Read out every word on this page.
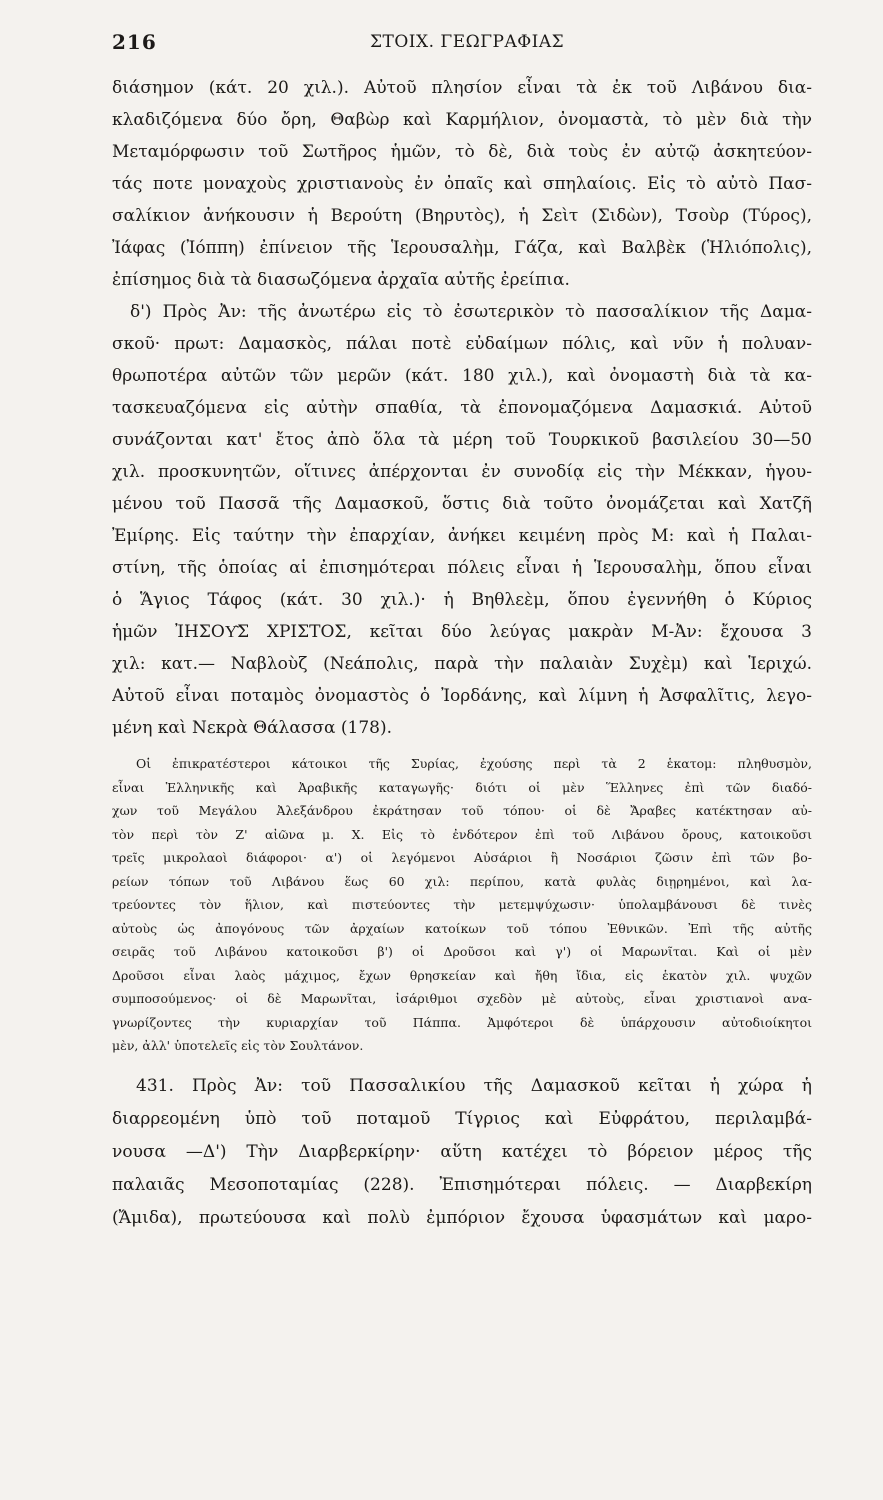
216	ΣΤΟΙΧ. ΓΕΩΓΡΑΦΙΑΣ
διάσημον (κάτ. 20 χιλ.). Αὐτοῦ πλησίον εἶναι τὰ ἐκ τοῦ Λιβάνου δια-
κλαδιζόμενα δύο ὄρη, Θαβὼρ καὶ Καρμήλιον, ὀνομαστὰ, τὸ μὲν διὰ τὴν
Μεταμόρφωσιν τοῦ Σωτῆρος ἡμῶν, τὸ δὲ, διὰ τοὺς ἐν αὐτῷ ἀσκητεύον-
τάς ποτε μοναχοὺς χριστιανοὺς ἐν ὀπαῖς καὶ σπηλαίοις. Εἰς τὸ αὐτὸ Πασ-
σαλίκιον ἀνήκουσιν ἡ Βερούτη (Βηρυτὸς), ἡ Σεὶτ (Σιδὼν), Τσοὺρ (Τύρος),
Ἰάφας (Ἰόππη) ἐπίνειον τῆς Ἱερουσαλὴμ, Γάζα, καὶ Βαλβὲκ (Ἡλιόπολις),
ἐπίσημος διὰ τὰ διασωζόμενα ἀρχαῖα αὐτῆς ἐρείπια.
δ') Πρὸς Ἀν: τῆς ἀνωτέρω εἰς τὸ ἐσωτερικὸν τὸ πασσαλίκιον τῆς Δαμα-
σκοῦ· πρωτ: Δαμασκὸς, πάλαι ποτὲ εὐδαίμων πόλις, καὶ νῦν ἡ πολυαν-
θρωποτέρα αὐτῶν τῶν μερῶν (κάτ. 180 χιλ.), καὶ ὀνομαστὴ διὰ τὰ κα-
τασκευαζόμενα εἰς αὐτὴν σπαθία, τὰ ἐπονομαζόμενα Δαμασκιά. Αὐτοῦ
συνάζονται κατ' ἔτος ἀπὸ ὅλα τὰ μέρη τοῦ Τουρκικοῦ βασιλείου 30—50
χιλ. προσκυνητῶν, οἵτινες ἀπέρχονται ἐν συνοδίᾳ εἰς τὴν Μέκκαν, ἡγου-
μένου τοῦ Πασσᾶ τῆς Δαμασκοῦ, ὅστις διὰ τοῦτο ὀνομάζεται καὶ Χατζῆ
Ἐμίρης. Εἰς ταύτην τὴν ἐπαρχίαν, ἀνήκει κειμένη πρὸς Μ: καὶ ἡ Παλαι-
στίνη, τῆς ὁποίας αἱ ἐπισημότεραι πόλεις εἶναι ἡ Ἱερουσαλὴμ, ὅπου εἶναι
ὁ Ἅγιος Τάφος (κάτ. 30 χιλ.)· ἡ Βηθλεὲμ, ὅπου ἐγεννήθη ὁ Κύριος
ἡμῶν ἸΗΣΟΥ͂Σ ΧΡΙΣΤΟΣ, κεῖται δύο λεύγας μακρὰν Μ-Ἀν: ἔχουσα 3
χιλ: κατ.— Ναβλοὺζ (Νεάπολις, παρὰ τὴν παλαιὰν Συχὲμ) καὶ Ἱεριχώ.
Αὐτοῦ εἶναι ποταμὸς ὀνομαστὸς ὁ Ἰορδάνης, καὶ λίμνη ἡ Ἀσφαλῖτις, λεγο-
μένη καὶ Νεκρὰ Θάλασσα (178).
Οἱ ἐπικρατέστεροι κάτοικοι τῆς Συρίας, ἐχούσης περὶ τὰ 2 ἑκατομ: πληθυσμὸν,
εἶναι Ἑλληνικῆς καὶ Ἀραβικῆς καταγωγῆς· διότι οἱ μὲν Ἕλληνες ἐπὶ τῶν διαδό-
χων τοῦ Μεγάλου Ἀλεξάνδρου ἐκράτησαν τοῦ τόπου· οἱ δὲ Ἄραβες κατέκτησαν αὐ-
τὸν περὶ τὸν Ζ' αἰῶνα μ. Χ. Εἰς τὸ ἐνδότερον ἐπὶ τοῦ Λιβάνου ὄρους, κατοικοῦσι
τρεῖς μικρολαοὶ διάφοροι· α') οἱ λεγόμενοι Αὐσάριοι ἢ Νοσάριοι ζῶσιν ἐπὶ τῶν βο-
ρείων τόπων τοῦ Λιβάνου ἕως 60 χιλ: περίπου, κατὰ φυλὰς διῃρημένοι, καὶ λα-
τρεύοντες τὸν ἥλιον, καὶ πιστεύοντες τὴν μετεμψύχωσιν· ὑπολαμβάνουσι δὲ τινὲς
αὐτοὺς ὡς ἀπογόνους τῶν ἀρχαίων κατοίκων τοῦ τόπου Ἐθνικῶν. Ἐπὶ τῆς αὐτῆς
σειρᾶς τοῦ Λιβάνου κατοικοῦσι β') οἱ Δροῦσοι καὶ γ') οἱ Μαρωνῖται. Καὶ οἱ μὲν
Δροῦσοι εἶναι λαὸς μάχιμος, ἔχων θρησκείαν καὶ ἤθη ἴδια, εἰς ἑκατὸν χιλ. ψυχῶν
συμποσούμενος· οἱ δὲ Μαρωνῖται, ἰσάριθμοι σχεδὸν μὲ αὐτοὺς, εἶναι χριστιανοὶ ανα-
γνωρίζοντες τὴν κυριαρχίαν τοῦ Πάππα. Ἀμφότεροι δὲ ὑπάρχουσιν αὐτοδιοίκητοι
μὲν, ἀλλ' ὑποτελεῖς εἰς τὸν Σουλτάνον.
431. Πρὸς Ἀν: τοῦ Πασσαλικίου τῆς Δαμασκοῦ κεῖται ἡ χώρα ἡ
διαρρεομένη ὑπὸ τοῦ ποταμοῦ Τίγριος καὶ Εὐφράτου, περιλαμβά-
νουσα —Δ') Τὴν Διαρβερκίρην· αὕτη κατέχει τὸ βόρειον μέρος τῆς
παλαιᾶς Μεσοποταμίας (228). Ἐπισημότεραι πόλεις. — Διαρβεκίρη
(Ἄμιδα), πρωτεύουσα καὶ πολὺ ἐμπόριον ἔχουσα ὑφασμάτων καὶ μαρο-
